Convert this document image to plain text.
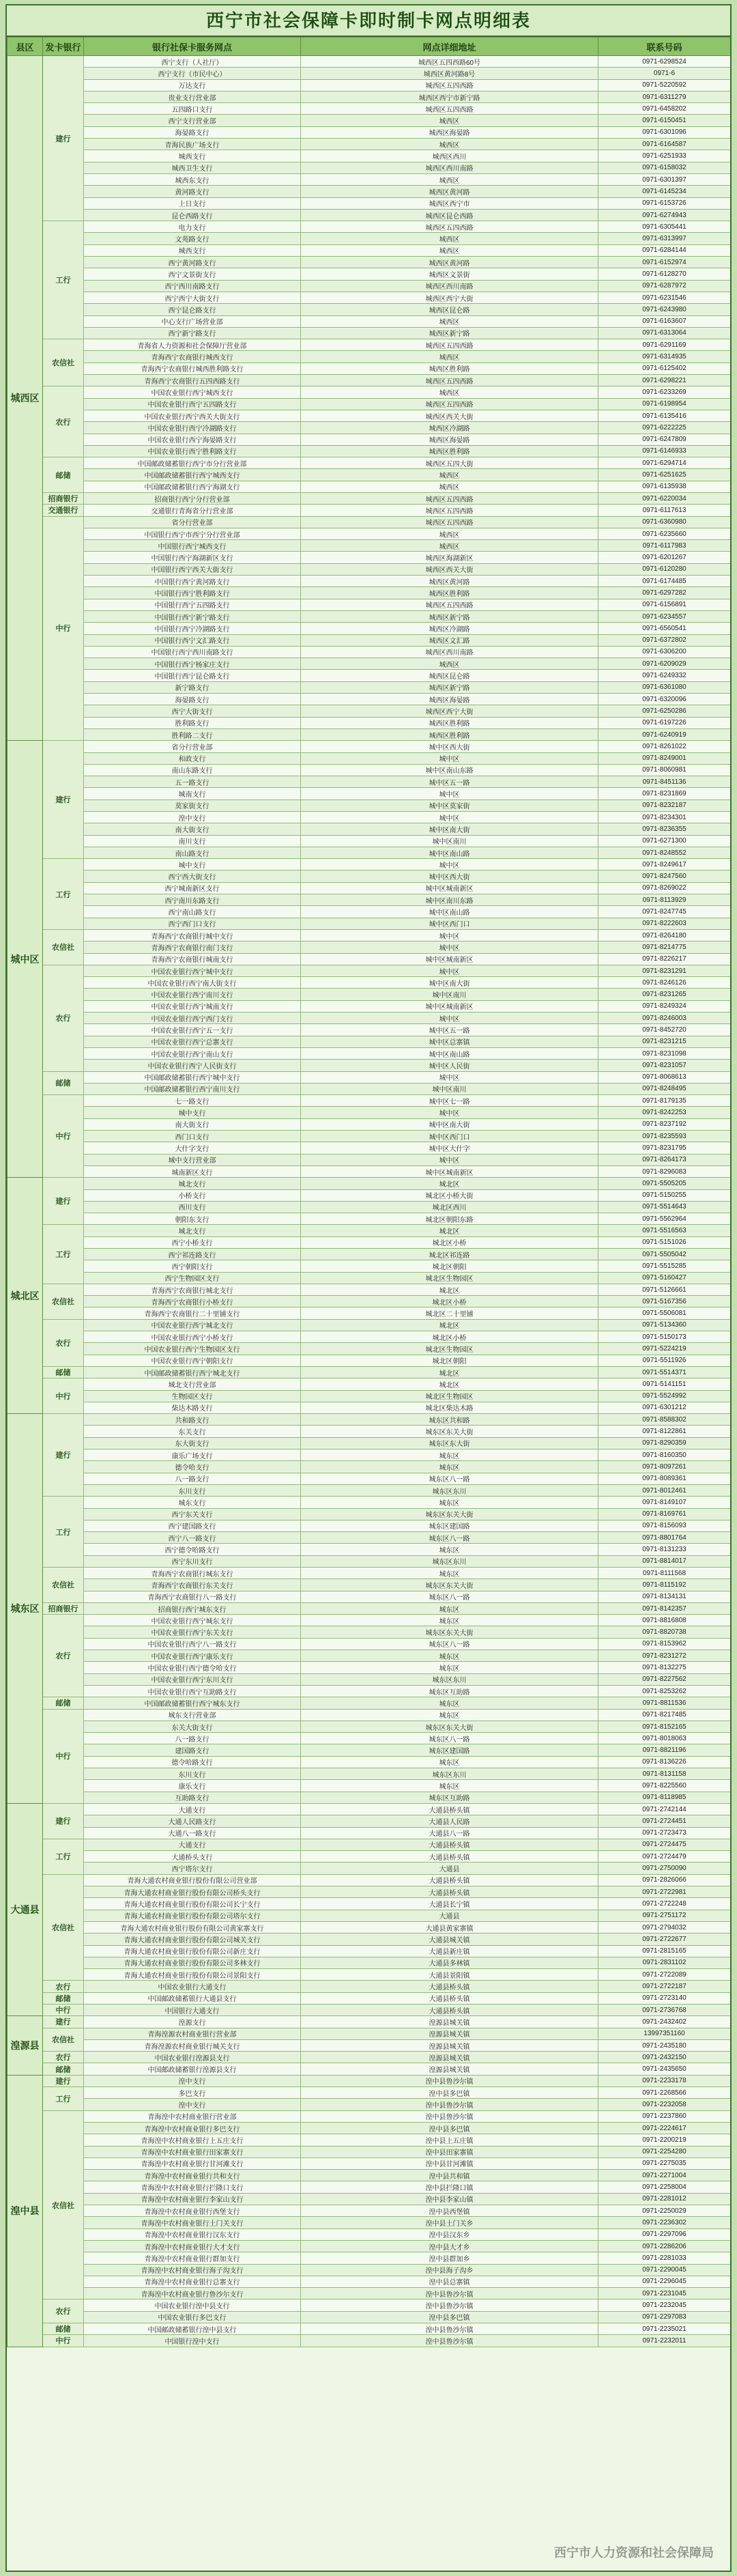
西宁市社会保障卡即时制卡网点明细表
县区	发卡银行	银行社保卡服务网点	网点详细地址	联系号码
城西区	建行	西宁支行（人社厅）	城西区五四西路60号	0971-6298524
		西宁支行（市民中心）	城西区黄河路8号	0971-6
		万达支行	城西区五四西路	0971-5220592
		贵业支行营业部	城西区西宁市新宁路	0971-6311279
		五四路口支行	城西区五四西路	0971-6458202
		西宁支行营业部	城西区	0971-6150451
		海晏路支行	城西区海晏路	0971-6301096
		青海民族广场支行	城西区	0971-6164587
		城西支行	城西区西川	0971-6251933
		城西卫生支行	城西区西川南路	0971-6158032
		城西东支行	城西区	0971-6301397
		黄河路支行	城西区黄河路	0971-6145234
		上日支行	城西区西宁市	0971-6153726
		昆仑西路支行	城西区昆仑西路	0971-6274943
	工行	电力支行	城西区五四西路	0971-6305441
		文苑路支行	城西区	0971-6313997
		城西支行	城西区	0971-6284144
		西宁黄河路支行	城西区黄河路	0971-6152974
		西宁文景街支行	城西区文景街	0971-6128270
		西宁西川南路支行	城西区西川南路	0971-6287972
		西宁西宁大街支行	城西区西宁大街	0971-6231546
		西宁昆仑路支行	城西区昆仑路	0971-6243980
		中心支行广场营业部	城西区	0971-6163607
		西宁新宁路支行	城西区新宁路	0971-6313064
	农信社	青海省人力资源和社会保障厅营业部	城西区五四西路	0971-6291169
		青海西宁农商银行城西支行	城西区	0971-6314935
		青海西宁农商银行城西胜利路支行	城西区胜利路	0971-6125402
		青海西宁农商银行五四西路支行	城西区五四西路	0971-6298221
	农行	中国农业银行西宁城西支行	城西区	0971-6233269
		中国农业银行西宁五四路支行	城西区五四西路	0971-6198954
		中国农业银行西宁西关大街支行	城西区西关大街	0971-6135416
		中国农业银行西宁冷湖路支行	城西区冷湖路	0971-6222225
		中国农业银行西宁海晏路支行	城西区海晏路	0971-6247809
		中国农业银行西宁胜利路支行	城西区胜利路	0971-6146933
	邮储	中国邮政储蓄银行西宁市分行营业部	城西区五四大街	0971-6294714
		中国邮政储蓄银行西宁城西支行	城西区	0971-6251625
		中国邮政储蓄银行西宁海湖支行	城西区	0971-6135938
	招商银行	招商银行西宁分行营业部	城西区五四西路	0971-6220034
	交通银行	交通银行青海省分行营业部	城西区五四西路	0971-6117613
	中行	省分行营业部	城西区五四西路	0971-6360980
		中国银行西宁市西宁分行营业部	城西区	0971-6235660
		中国银行西宁城西支行	城西区	0971-6117983
		中国银行西宁海湖新区支行	城西区海湖新区	0971-6201267
		中国银行西宁西关大街支行	城西区西关大街	0971-6120280
		中国银行西宁黄河路支行	城西区黄河路	0971-6174485
		中国银行西宁胜利路支行	城西区胜利路	0971-6297282
		中国银行西宁五四路支行	城西区五四西路	0971-6156891
		中国银行西宁新宁路支行	城西区新宁路	0971-6234557
		中国银行西宁冷湖路支行	城西区冷湖路	0971-6560541
		中国银行西宁文汇路支行	城西区文汇路	0971-6372802
		中国银行西宁西川南路支行	城西区西川南路	0971-6306200
		中国银行西宁杨家庄支行	城西区	0971-6209029
		中国银行西宁昆仑路支行	城西区昆仑路	0971-6249332
		新宁路支行	城西区新宁路	0971-6361080
		海晏路支行	城西区海晏路	0971-6320096
		西宁大街支行	城西区西宁大街	0971-6250286
		胜利路支行	城西区胜利路	0971-6197226
		胜利路二支行	城西区胜利路	0971-6240919
城中区	建行	省分行营业部	城中区西大街	0971-8261022
		和政支行	城中区	0971-8249001
		南山东路支行	城中区南山东路	0971-8060981
		五一路支行	城中区五一路	0971-8451136
		城南支行	城中区	0971-8231869
		莫家街支行	城中区莫家街	0971-8232187
		湟中支行	城中区	0971-8234301
		南大街支行	城中区南大街	0971-8236355
		南川支行	城中区南川	0971-6271300
		南山路支行	城中区南山路	0971-8248552
	工行	城中支行	城中区	0971-8249617
		西宁西大街支行	城中区西大街	0971-8247560
		西宁城南新区支行	城中区城南新区	0971-8269022
		西宁南川东路支行	城中区南川东路	0971-8113929
		西宁南山路支行	城中区南山路	0971-8247745
		西宁西门口支行	城中区西门口	0971-8222603
	农信社	青海西宁农商银行城中支行	城中区	0971-8264180
		青海西宁农商银行南门支行	城中区	0971-8214775
		青海西宁农商银行城南支行	城中区城南新区	0971-8226217
	农行	中国农业银行西宁城中支行	城中区	0971-8231291
		中国农业银行西宁南大街支行	城中区南大街	0971-8246126
		中国农业银行西宁南川支行	城中区南川	0971-8231265
		中国农业银行西宁城南支行	城中区城南新区	0971-8249324
		中国农业银行西宁西门支行	城中区	0971-8246003
		中国农业银行西宁五一支行	城中区五一路	0971-8452720
		中国农业银行西宁总寨支行	城中区总寨镇	0971-8231215
		中国农业银行西宁南山支行	城中区南山路	0971-8231098
		中国农业银行西宁人民街支行	城中区人民街	0971-8231057
	邮储	中国邮政储蓄银行西宁城中支行	城中区	0971-8068613
		中国邮政储蓄银行西宁南川支行	城中区南川	0971-8248495
	中行	七一路支行	城中区七一路	0971-8179135
		城中支行	城中区	0971-8242253
		南大街支行	城中区南大街	0971-8237192
		西门口支行	城中区西门口	0971-8235593
		大什字支行	城中区大什字	0971-8231795
		城中支行营业部	城中区	0971-8264173
		城南新区支行	城中区城南新区	0971-8296083
城北区	建行	城北支行	城北区	0971-5505205
		小桥支行	城北区小桥大街	0971-5150255
		西川支行	城北区西川	0971-5514643
		朝阳东支行	城北区朝阳东路	0971-5562964
	工行	城北支行	城北区	0971-5516563
		西宁小桥支行	城北区小桥	0971-5151026
		西宁祁连路支行	城北区祁连路	0971-5505042
		西宁朝阳支行	城北区朝阳	0971-5515285
		西宁生物园区支行	城北区生物园区	0971-5160427
	农信社	青海西宁农商银行城北支行	城北区	0971-5126661
		青海西宁农商银行小桥支行	城北区小桥	0971-5167356
		青海西宁农商银行二十里铺支行	城北区二十里铺	0971-5506081
	农行	中国农业银行西宁城北支行	城北区	0971-5134360
		中国农业银行西宁小桥支行	城北区小桥	0971-5150173
		中国农业银行西宁生物园区支行	城北区生物园区	0971-5224219
		中国农业银行西宁朝阳支行	城北区朝阳	0971-5511926
	邮储	中国邮政储蓄银行西宁城北支行	城北区	0971-5514371
	中行	城北支行营业部	城北区	0971-5141151
		生物园区支行	城北区生物园区	0971-5524992
		柴达木路支行	城北区柴达木路	0971-6301212
城东区	建行	共和路支行	城东区共和路	0971-8588302
		东关支行	城东区东关大街	0971-8122861
		东大街支行	城东区东大街	0971-8290359
		康乐广场支行	城东区	0971-8160350
		德令哈支行	城东区	0971-8097261
		八一路支行	城东区八一路	0971-8089361
		东川支行	城东区东川	0971-8012461
	工行	城东支行	城东区	0971-8149107
		西宁东关支行	城东区东关大街	0971-8169761
		西宁建国路支行	城东区建国路	0971-8156093
		西宁八一路支行	城东区八一路	0971-8801764
		西宁德令哈路支行	城东区	0971-8131233
		西宁东川支行	城东区东川	0971-8814017
	农信社	青海西宁农商银行城东支行	城东区	0971-8111568
		青海西宁农商银行东关支行	城东区东关大街	0971-8115192
		青海西宁农商银行八一路支行	城东区八一路	0971-8134131
	招商银行	招商银行西宁城东支行	城东区	0971-8142357
	农行	中国农业银行西宁城东支行	城东区	0971-8816808
		中国农业银行西宁东关支行	城东区东关大街	0971-8820738
		中国农业银行西宁八一路支行	城东区八一路	0971-8153962
		中国农业银行西宁康乐支行	城东区	0971-8231272
		中国农业银行西宁德令哈支行	城东区	0971-8132275
		中国农业银行西宁东川支行	城东区东川	0971-8227562
		中国农业银行西宁互助路支行	城东区互助路	0971-8253262
	邮储	中国邮政储蓄银行西宁城东支行	城东区	0971-8811536
	中行	城东支行营业部	城东区	0971-8217485
		东关大街支行	城东区东关大街	0971-8152165
		八一路支行	城东区八一路	0971-8018063
		建国路支行	城东区建国路	0971-8821196
		德令哈路支行	城东区	0971-8136226
		东川支行	城东区东川	0971-8131158
		康乐支行	城东区	0971-8225560
		互助路支行	城东区互助路	0971-8118985
大通县	建行	大通支行	大通县桥头镇	0971-2742144
		大通人民路支行	大通县人民路	0971-2724451
		大通八一路支行	大通县八一路	0971-2723473
	工行	大通支行	大通县桥头镇	0971-2724475
		大通桥头支行	大通县桥头镇	0971-2724479
		西宁塔尔支行	大通县	0971-2750090
	农信社	青海大通农村商业银行股份有限公司营业部	大通县桥头镇	0971-2826066
		青海大通农村商业银行股份有限公司桥头支行	大通县桥头镇	0971-2722981
		青海大通农村商业银行股份有限公司长宁支行	大通县长宁镇	0971-2722248
		青海大通农村商业银行股份有限公司塔尔支行	大通县	0971-2751172
		青海大通农村商业银行股份有限公司黄家寨支行	大通县黄家寨镇	0971-2794032
		青海大通农村商业银行股份有限公司城关支行	大通县城关镇	0971-2722677
		青海大通农村商业银行股份有限公司新庄支行	大通县新庄镇	0971-2815165
		青海大通农村商业银行股份有限公司多林支行	大通县多林镇	0971-2831102
		青海大通农村商业银行股份有限公司景阳支行	大通县景阳镇	0971-2722089
	农行	中国农业银行大通支行	大通县桥头镇	0971-2722187
	邮储	中国邮政储蓄银行大通县支行	大通县桥头镇	0971-2723140
	中行	中国银行大通支行	大通县桥头镇	0971-2736768
湟源县	建行	湟源支行	湟源县城关镇	0971-2432402
	农信社	青海湟源农村商业银行营业部	湟源县城关镇	13997351160
		青海湟源农村商业银行城关支行	湟源县城关镇	0971-2435180
	农行	中国农业银行湟源县支行	湟源县城关镇	0971-2432150
	邮储	中国邮政储蓄银行湟源县支行	湟源县城关镇	0971-2435650
湟中县	建行	湟中支行	湟中县鲁沙尔镇	0971-2233178
	工行	多巴支行	湟中县多巴镇	0971-2268566
		湟中支行	湟中县鲁沙尔镇	0971-2232058
	农信社	青海湟中农村商业银行营业部	湟中县鲁沙尔镇	0971-2237860
		青海湟中农村商业银行多巴支行	湟中县多巴镇	0971-2224617
		青海湟中农村商业银行上五庄支行	湟中县上五庄镇	0971-2200219
		青海湟中农村商业银行田家寨支行	湟中县田家寨镇	0971-2254280
		青海湟中农村商业银行甘河滩支行	湟中县甘河滩镇	0971-2275035
		青海湟中农村商业银行共和支行	湟中县共和镇	0971-2271004
		青海湟中农村商业银行拦隆口支行	湟中县拦隆口镇	0971-2258004
		青海湟中农村商业银行李家山支行	湟中县李家山镇	0971-2281012
		青海湟中农村商业银行西堡支行	湟中县西堡镇	0971-2250029
		青海湟中农村商业银行土门关支行	湟中县土门关乡	0971-2236302
		青海湟中农村商业银行汉东支行	湟中县汉东乡	0971-2297096
		青海湟中农村商业银行大才支行	湟中县大才乡	0971-2286206
		青海湟中农村商业银行群加支行	湟中县群加乡	0971-2281033
		青海湟中农村商业银行海子沟支行	湟中县海子沟乡	0971-2290045
		青海湟中农村商业银行总寨支行	湟中县总寨镇	0971-2296045
		青海湟中农村商业银行鲁沙尔支行	湟中县鲁沙尔镇	0971-2231045
	农行	中国农业银行湟中县支行	湟中县鲁沙尔镇	0971-2232045
		中国农业银行多巴支行	湟中县多巴镇	0971-2297083
	邮储	中国邮政储蓄银行湟中县支行	湟中县鲁沙尔镇	0971-2235021
	中行	中国银行湟中支行	湟中县鲁沙尔镇	0971-2232011
西宁市人力资源和社会保障局
